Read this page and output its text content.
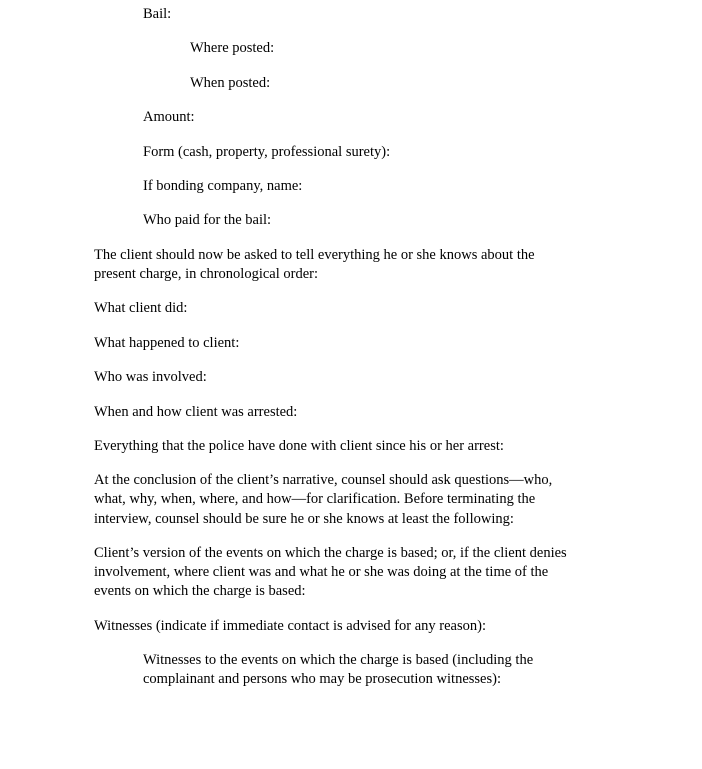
Bail:
Where posted:
When posted:
Amount:
Form (cash, property, professional surety):
If bonding company, name:
Who paid for the bail:
The client should now be asked to tell everything he or she knows about the
present charge, in chronological order:
What client did:
What happened to client:
Who was involved:
When and how client was arrested:
Everything that the police have done with client since his or her arrest:
At the conclusion of the client’s narrative, counsel should ask questions—who,
what, why, when, where, and how—for clarification. Before terminating the
interview, counsel should be sure he or she knows at least the following:
Client’s version of the events on which the charge is based; or, if the client denies
involvement, where client was and what he or she was doing at the time of the
events on which the charge is based:
Witnesses (indicate if immediate contact is advised for any reason):
Witnesses to the events on which the charge is based (including the
complainant and persons who may be prosecution witnesses):
